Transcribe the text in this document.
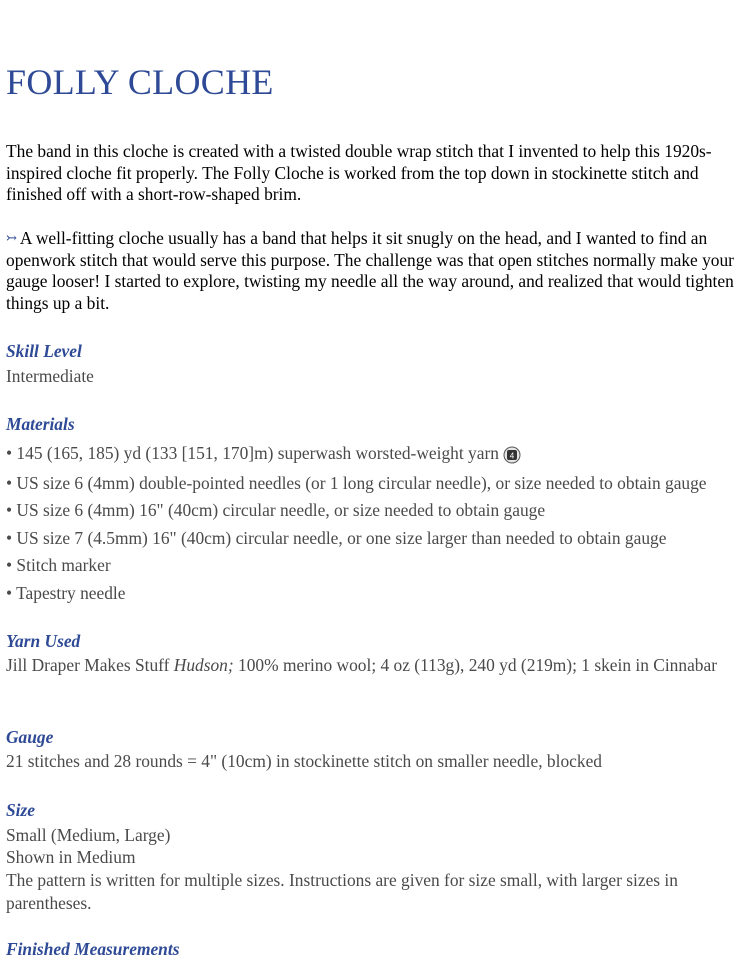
FOLLY CLOCHE

The band in this cloche is created with a twisted double wrap stitch that I invented to help this 1920s-inspired cloche fit properly. The Folly Cloche is worked from the top down in stockinette stitch and finished off with a short-row-shaped brim.

↣ A well-fitting cloche usually has a band that helps it sit snugly on the head, and I wanted to find an openwork stitch that would serve this purpose. The challenge was that open stitches normally make your gauge looser! I started to explore, twisting my needle all the way around, and realized that would tighten things up a bit.

Skill Level

Intermediate

Materials

• 145 (165, 185) yd (133 [151, 170]m) superwash worsted-weight yarn 4

• US size 6 (4mm) double-pointed needles (or 1 long circular needle), or size needed to obtain gauge

• US size 6 (4mm) 16" (40cm) circular needle, or size needed to obtain gauge

• US size 7 (4.5mm) 16" (40cm) circular needle, or one size larger than needed to obtain gauge

• Stitch marker

• Tapestry needle

Yarn Used

Jill Draper Makes Stuff Hudson; 100% merino wool; 4 oz (113g), 240 yd (219m); 1 skein in Cinnabar

Gauge

21 stitches and 28 rounds = 4" (10cm) in stockinette stitch on smaller needle, blocked

Size

Small (Medium, Large)

Shown in Medium

The pattern is written for multiple sizes. Instructions are given for size small, with larger sizes in parentheses.

Finished Measurements
